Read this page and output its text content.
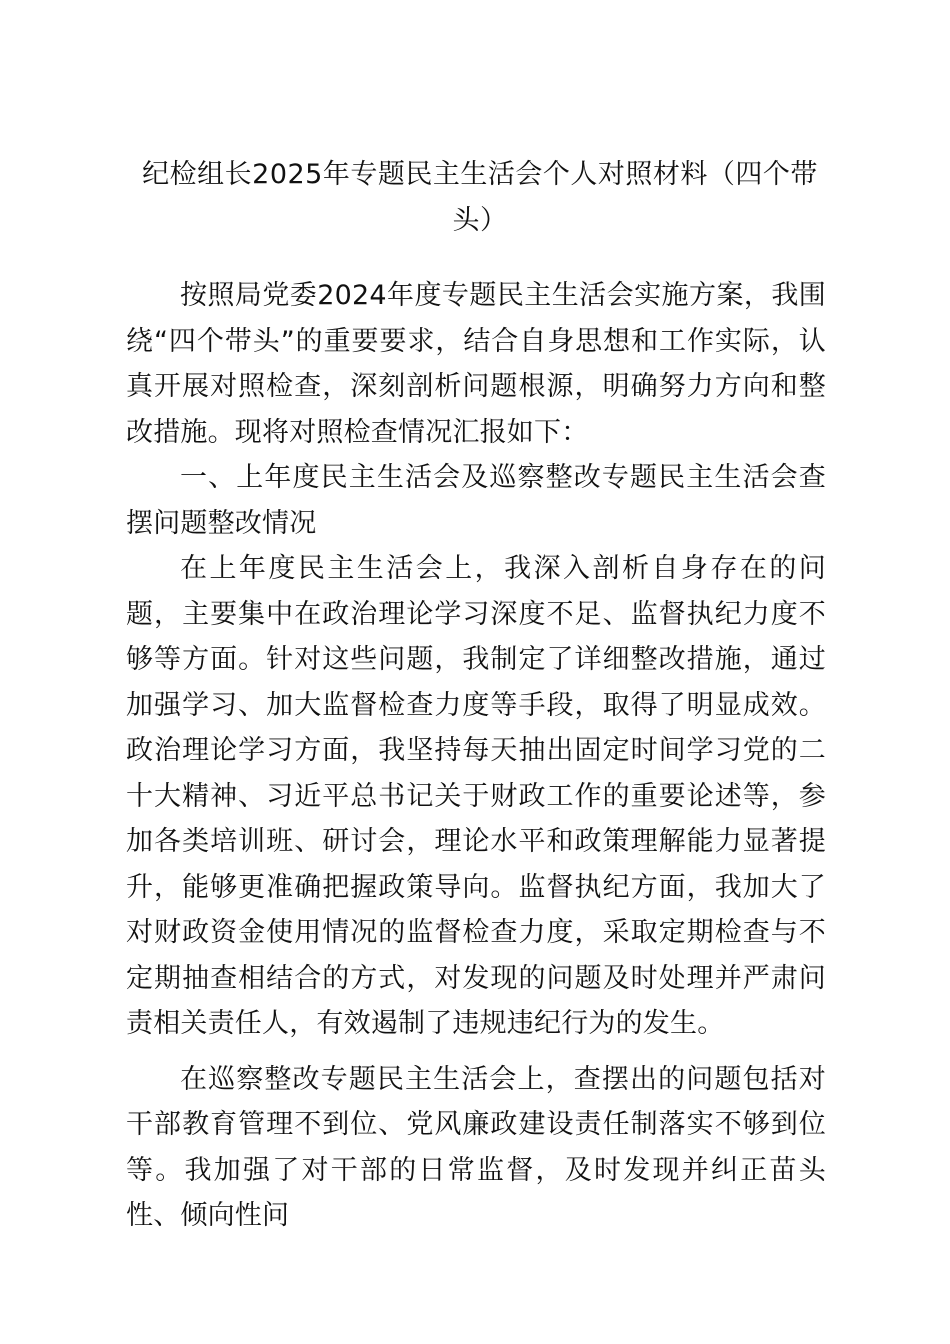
纪检组长2025年专题民主生活会个人对照材料（四个带头）

按照局党委2024年度专题民主生活会实施方案，我围绕“四个带头”的重要要求，结合自身思想和工作实际，认真开展对照检查，深刻剖析问题根源，明确努力方向和整改措施。现将对照检查情况汇报如下：

一、上年度民主生活会及巡察整改专题民主生活会查摆问题整改情况

在上年度民主生活会上，我深入剖析自身存在的问题，主要集中在政治理论学习深度不足、监督执纪力度不够等方面。针对这些问题，我制定了详细整改措施，通过加强学习、加大监督检查力度等手段，取得了明显成效。政治理论学习方面，我坚持每天抽出固定时间学习党的二十大精神、习近平总书记关于财政工作的重要论述等，参加各类培训班、研讨会，理论水平和政策理解能力显著提升，能够更准确把握政策导向。监督执纪方面，我加大了对财政资金使用情况的监督检查力度，采取定期检查与不定期抽查相结合的方式，对发现的问题及时处理并严肃问责相关责任人，有效遏制了违规违纪行为的发生。

在巡察整改专题民主生活会上，查摆出的问题包括对干部教育管理不到位、党风廉政建设责任制落实不够到位等。我加强了对干部的日常监督，及时发现并纠正苗头性、倾向性问
